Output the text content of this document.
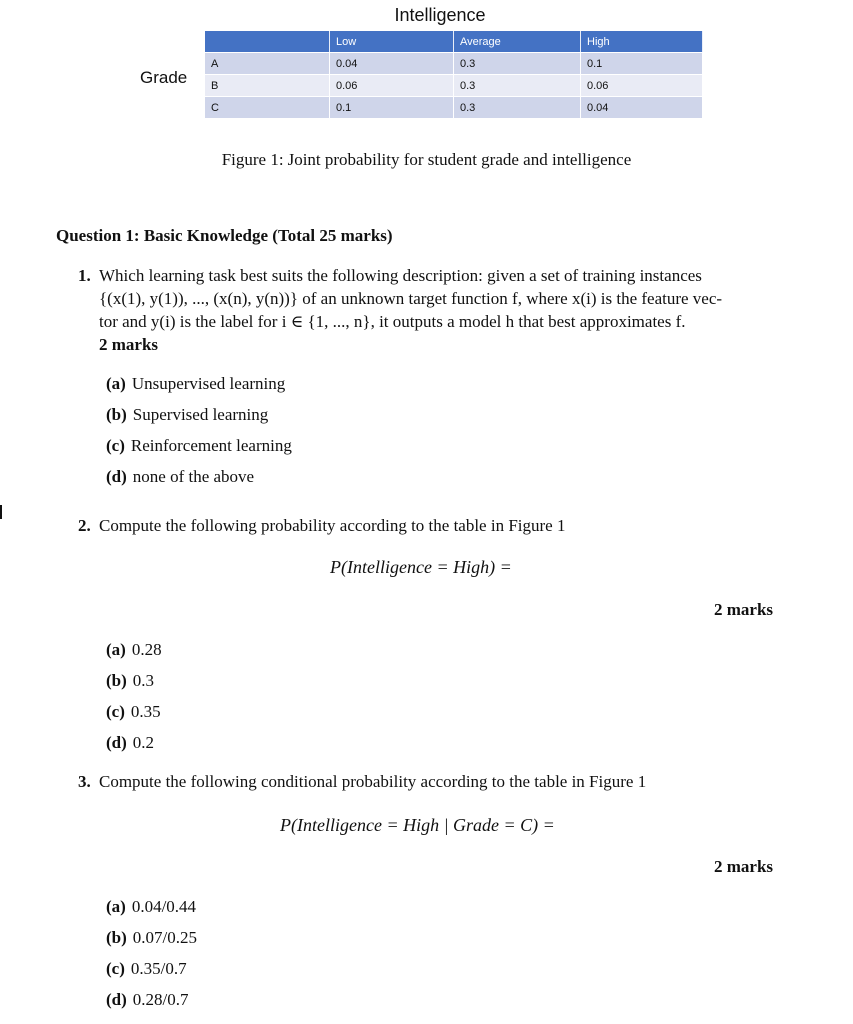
Intelligence
Grade
	Low	Average	High
A	0.04	0.3	0.1
B	0.06	0.3	0.06
C	0.1	0.3	0.04
Figure 1: Joint probability for student grade and intelligence
Question 1: Basic Knowledge (Total 25 marks)
1. Which learning task best suits the following description: given a set of training instances
{(x(1), y(1)), ..., (x(n), y(n))} of an unknown target function f, where x(i) is the feature vec-
tor and y(i) is the label for i ∈ {1, ..., n}, it outputs a model h that best approximates f.
2 marks
(a) Unsupervised learning
(b) Supervised learning
(c) Reinforcement learning
(d) none of the above
2. Compute the following probability according to the table in Figure 1
P(Intelligence = High) =
2 marks
(a) 0.28
(b) 0.3
(c) 0.35
(d) 0.2
3. Compute the following conditional probability according to the table in Figure 1
P(Intelligence = High | Grade = C) =
2 marks
(a) 0.04/0.44
(b) 0.07/0.25
(c) 0.35/0.7
(d) 0.28/0.7
